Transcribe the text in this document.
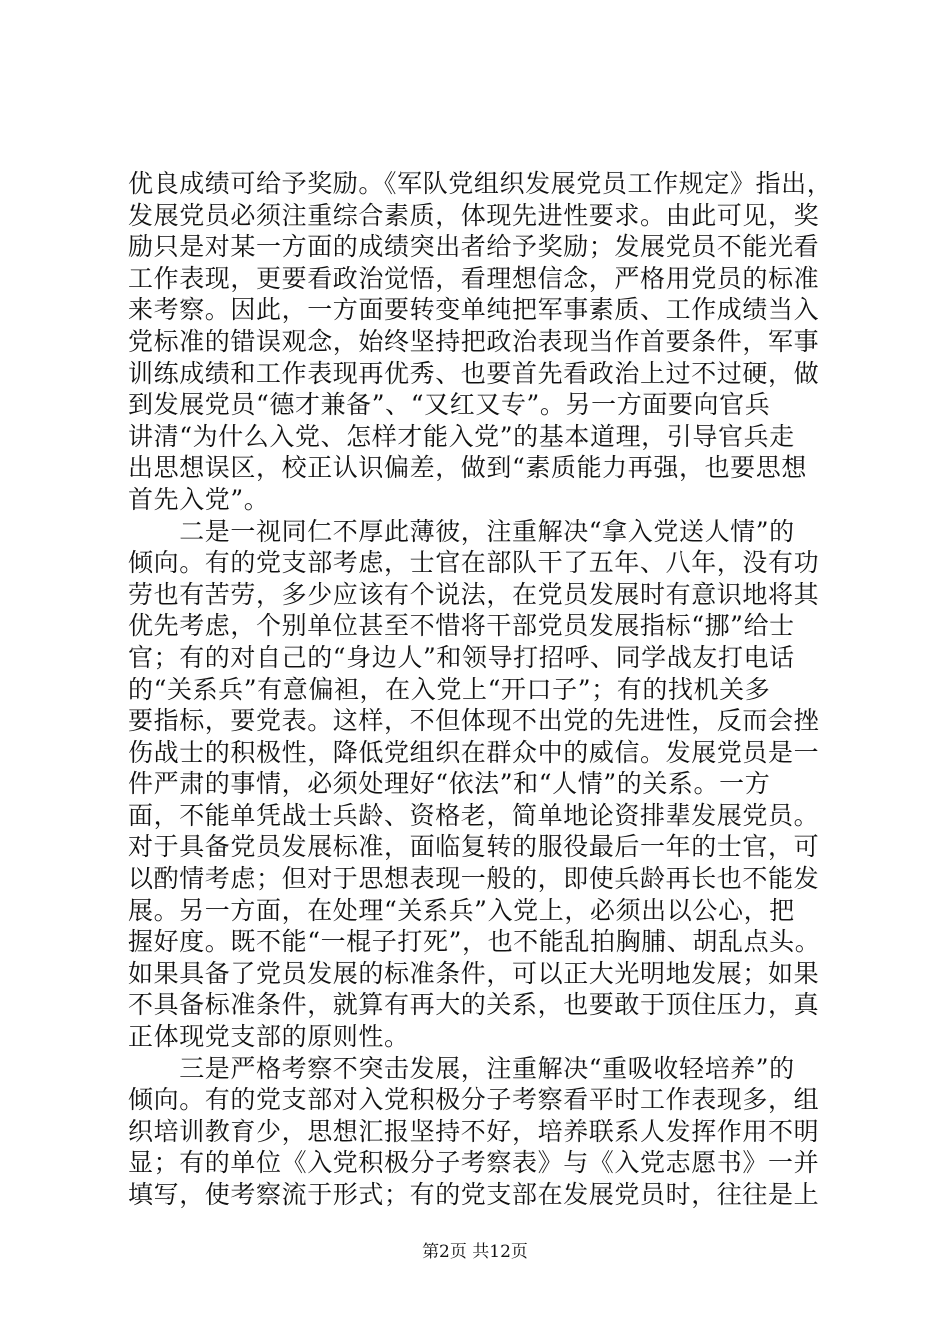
优良成绩可给予奖励。《军队党组织发展党员工作规定》指出，
发展党员必须注重综合素质，体现先进性要求。由此可见，奖
励只是对某一方面的成绩突出者给予奖励；发展党员不能光看
工作表现，更要看政治觉悟，看理想信念，严格用党员的标准
来考察。因此，一方面要转变单纯把军事素质、工作成绩当入
党标准的错误观念，始终坚持把政治表现当作首要条件，军事
训练成绩和工作表现再优秀、也要首先看政治上过不过硬，做
到发展党员“德才兼备”、“又红又专”。另一方面要向官兵
讲清“为什么入党、怎样才能入党”的基本道理，引导官兵走
出思想误区，校正认识偏差，做到“素质能力再强，也要思想
首先入党”。
　　二是一视同仁不厚此薄彼，注重解决“拿入党送人情”的
倾向。有的党支部考虑，士官在部队干了五年、八年，没有功
劳也有苦劳，多少应该有个说法，在党员发展时有意识地将其
优先考虑，个别单位甚至不惜将干部党员发展指标“挪”给士
官；有的对自己的“身边人”和领导打招呼、同学战友打电话
的“关系兵”有意偏袒，在入党上“开口子”；有的找机关多
要指标，要党表。这样，不但体现不出党的先进性，反而会挫
伤战士的积极性，降低党组织在群众中的威信。发展党员是一
件严肃的事情，必须处理好“依法”和“人情”的关系。一方
面，不能单凭战士兵龄、资格老，简单地论资排辈发展党员。
对于具备党员发展标准，面临复转的服役最后一年的士官，可
以酌情考虑；但对于思想表现一般的，即使兵龄再长也不能发
展。另一方面，在处理“关系兵”入党上，必须出以公心，把
握好度。既不能“一棍子打死”，也不能乱拍胸脯、胡乱点头。
如果具备了党员发展的标准条件，可以正大光明地发展；如果
不具备标准条件，就算有再大的关系，也要敢于顶住压力，真
正体现党支部的原则性。
　　三是严格考察不突击发展，注重解决“重吸收轻培养”的
倾向。有的党支部对入党积极分子考察看平时工作表现多，组
织培训教育少，思想汇报坚持不好，培养联系人发挥作用不明
显；有的单位《入党积极分子考察表》与《入党志愿书》一并
填写，使考察流于形式；有的党支部在发展党员时，往往是上
第2页 共12页
